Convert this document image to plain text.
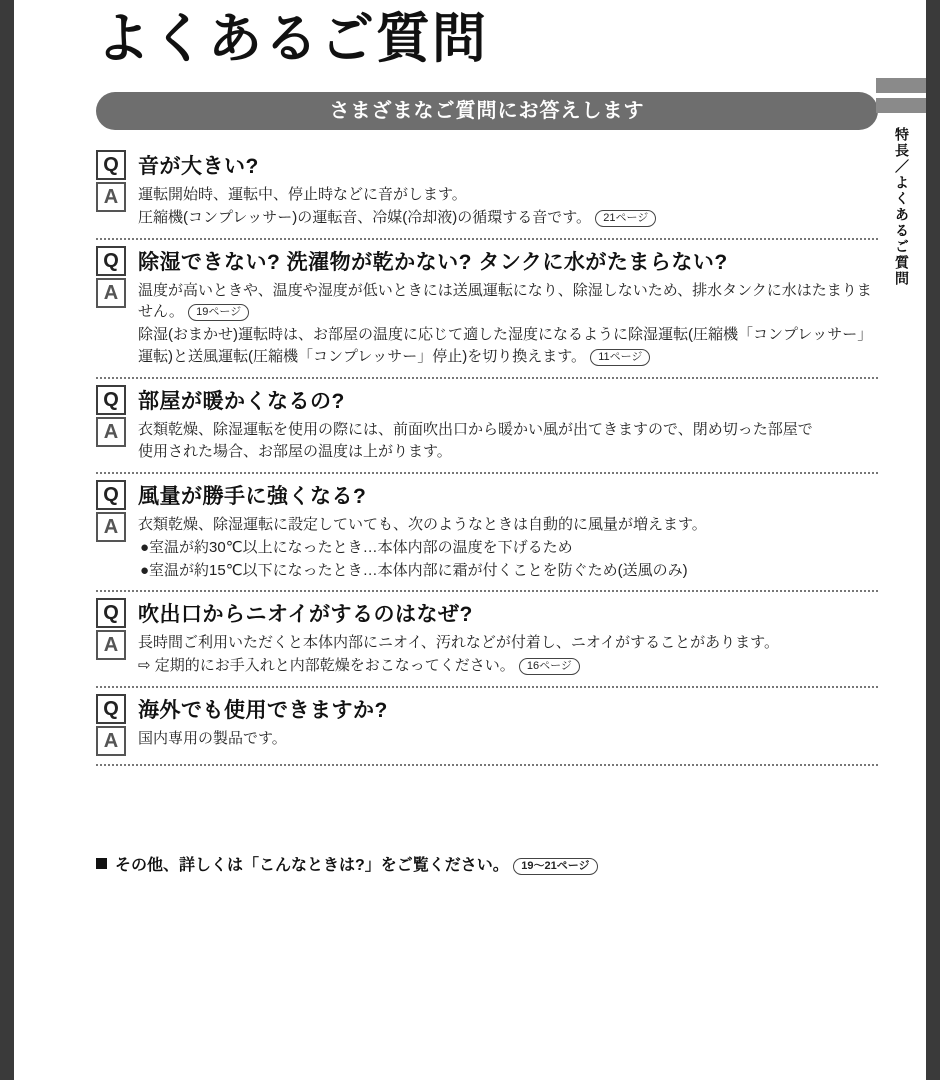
よくあるご質問
さまざまなご質問にお答えします
Q 音が大きい?
A	運転開始時、運転中、停止時などに音がします。

圧縮機(コンプレッサー)の運転音、冷媒(冷却液)の循環する音です。 21ページ

Q 除湿できない? 洗濯物が乾かない? タンクに水がたまらない?
A	温度が高いときや、温度や湿度が低いときには送風運転になり、除湿しないため、排水タンクに水はたまりません。 19ページ

除湿(おまかせ)運転時は、お部屋の温度に応じて適した湿度になるように除湿運転(圧縮機「コンプレッサー」運転)と送風運転(圧縮機「コンプレッサー」停止)を切り換えます。 11ページ

Q 部屋が暖かくなるの?
A	衣類乾燥、除湿運転を使用の際には、前面吹出口から暖かい風が出てきますので、閉め切った部屋で

使用された場合、お部屋の温度は上がります。

Q 風量が勝手に強くなる?
A	衣類乾燥、除湿運転に設定していても、次のようなときは自動的に風量が増えます。

●室温が約30℃以上になったとき…本体内部の温度を下げるため

●室温が約15℃以下になったとき…本体内部に霜が付くことを防ぐため(送風のみ)

Q 吹出口からニオイがするのはなぜ?
A	長時間ご利用いただくと本体内部にニオイ、汚れなどが付着し、ニオイがすることがあります。

⇨ 定期的にお手入れと内部乾燥をおこなってください。 16ページ

Q 海外でも使用できますか?
A	国内専用の製品です。

その他、詳しくは「こんなときは?」をご覧ください。 19〜21ページ
特長／よくあるご質問
